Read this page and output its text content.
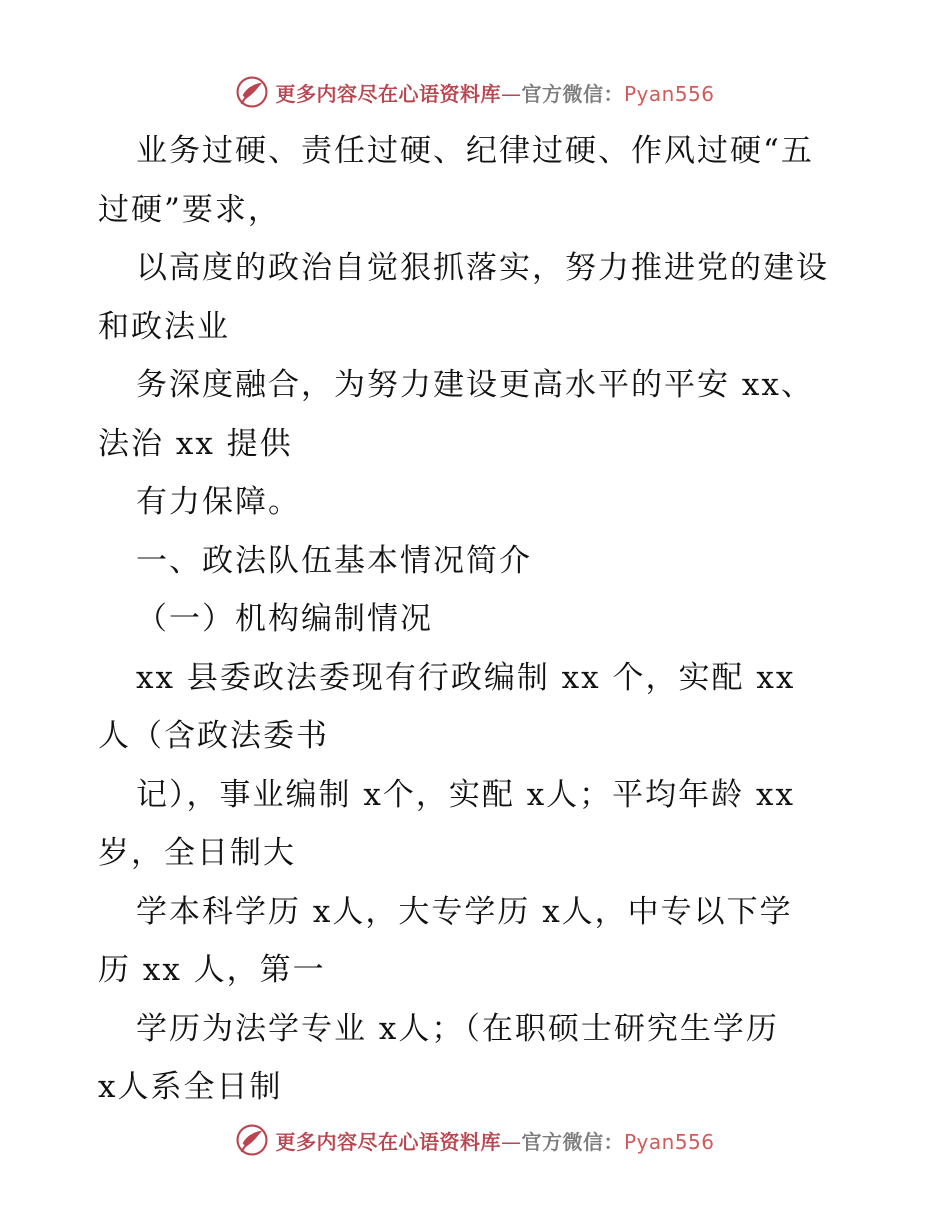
更多内容尽在心语资料库—官方微信：Pyan556
业务过硬、责任过硬、纪律过硬、作风过硬“五
过硬”要求，
以高度的政治自觉狠抓落实，努力推进党的建设
和政法业
务深度融合，为努力建设更高水平的平安 xx、
法治 xx 提供
有力保障。
一、政法队伍基本情况简介
（一）机构编制情况
xx 县委政法委现有行政编制 xx 个，实配 xx
人（含政法委书
记），事业编制 x个，实配 x人；平均年龄 xx
岁，全日制大
学本科学历 x人，大专学历 x人，中专以下学
历 xx 人，第一
学历为法学专业 x人；（在职硕士研究生学历
x人系全日制
更多内容尽在心语资料库—官方微信：Pyan556
